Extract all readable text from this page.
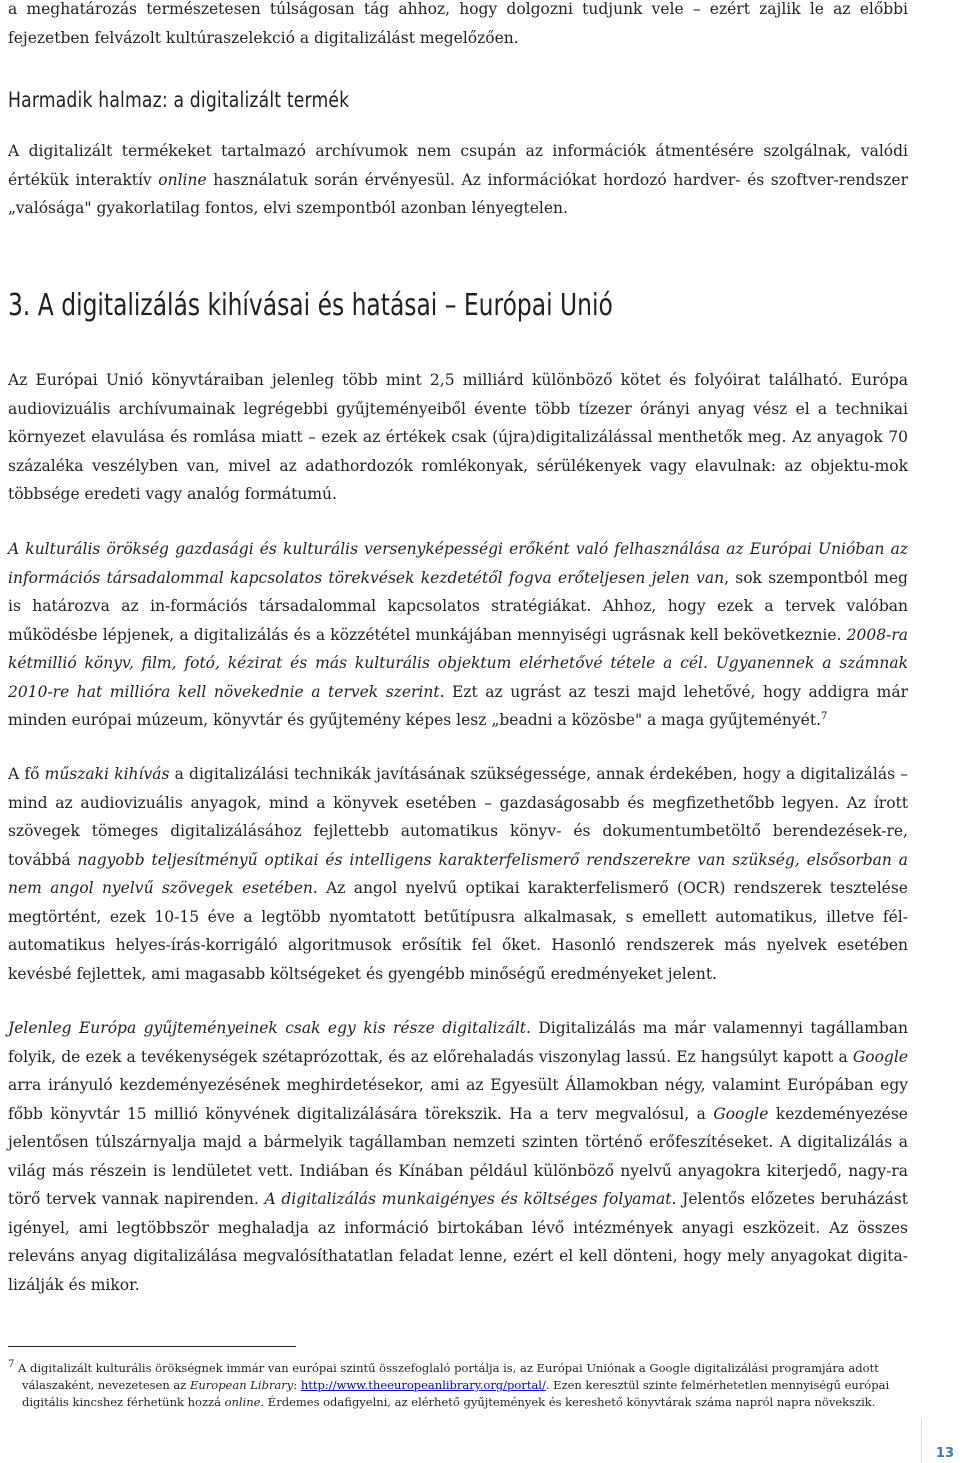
a meghatározás természetesen túlságosan tág ahhoz, hogy dolgozni tudjunk vele – ezért zajlik le az előbbi fejezetben felvázolt kultúraszelekció a digitalizálást megelőzően.

Harmadik halmaz: a digitalizált termék

A digitalizált termékeket tartalmazó archívumok nem csupán az információk átmentésére szolgálnak, valódi értékük interaktív online használatuk során érvényesül. Az információkat hordozó hardver- és szoftver-rendszer „valósága" gyakorlatilag fontos, elvi szempontból azonban lényegtelen.

3. A digitalizálás kihívásai és hatásai – Európai Unió

Az Európai Unió könyvtáraiban jelenleg több mint 2,5 milliárd különböző kötet és folyóirat található. Európa audiovizuális archívumainak legrégebbi gyűjteményeiből évente több tízezer órányi anyag vész el a technikai környezet elavulása és romlása miatt – ezek az értékek csak (újra)digitalizálással menthetők meg. Az anyagok 70 százaléka veszélyben van, mivel az adathordozók romlékonyak, sérülékenyek vagy elavulnak: az objektu-mok többsége eredeti vagy analóg formátumú.

A kulturális örökség gazdasági és kulturális versenyképességi erőként való felhasználása az Európai Unióban az információs társadalommal kapcsolatos törekvések kezdetétől fogva erőteljesen jelen van, sok szempontból meg is határozva az in-formációs társadalommal kapcsolatos stratégiákat. Ahhoz, hogy ezek a tervek valóban működésbe lépjenek, a digitalizálás és a közzététel munkájában mennyiségi ugrásnak kell bekövetkeznie. 2008-ra kétmillió könyv, film, fotó, kézirat és más kulturális objektum elérhetővé tétele a cél. Ugyanennek a számnak 2010-re hat millióra kell növekednie a tervek szerint. Ezt az ugrást az teszi majd lehetővé, hogy addigra már minden európai múzeum, könyvtár és gyűjtemény képes lesz „beadni a közösbe" a maga gyűjteményét.$^7$

A fő műszaki kihívás a digitalizálási technikák javításának szükségessége, annak érdekében, hogy a digitalizálás – mind az audiovizuális anyagok, mind a könyvek esetében – gazdaságosabb és megfizethetőbb legyen. Az írott szövegek tömeges digitalizálásához fejlettebb automatikus könyv- és dokumentumbetöltő berendezések-re, továbbá nagyobb teljesítményű optikai és intelligens karakterfelismerő rendszerekre van szükség, elsősorban a nem angol nyelvű szövegek esetében. Az angol nyelvű optikai karakterfelismerő (OCR) rendszerek tesztelése megtörtént, ezek 10-15 éve a legtöbb nyomtatott betűtípusra alkalmasak, s emellett automatikus, illetve fél-automatikus helyes-írás-korrigáló algoritmusok erősítik fel őket. Hasonló rendszerek más nyelvek esetében kevésbé fejlettek, ami magasabb költségeket és gyengébb minőségű eredményeket jelent.

Jelenleg Európa gyűjteményeinek csak egy kis része digitalizált. Digitalizálás ma már valamennyi tagállamban folyik, de ezek a tevékenységek szétaprózottak, és az előrehaladás viszonylag lassú. Ez hangsúlyt kapott a Google arra irányuló kezdeményezésének meghirdetésekor, ami az Egyesült Államokban négy, valamint Európában egy főbb könyvtár 15 millió könyvének digitalizálására törekszik. Ha a terv megvalósul, a Google kezdeményezése jelentősen túlszárnyalja majd a bármelyik tagállamban nemzeti szinten történő erőfeszítéseket. A digitalizálás a világ más részein is lendületet vett. Indiában és Kínában például különböző nyelvű anyagokra kiterjedő, nagy-ra törő tervek vannak napirenden. A digitalizálás munkaigényes és költséges folyamat. Jelentős előzetes beruházást igényel, ami legtöbbször meghaladja az információ birtokában lévő intézmények anyagi eszközeit. Az összes releváns anyag digitalizálása megvalósíthatatlan feladat lenne, ezért el kell dönteni, hogy mely anyagokat digita-lizálják és mikor.

$^7$ A digitalizált kulturális örökségnek immár van európai szintű összefoglaló portálja is, az Európai Uniónak a Google digitalizálási programjára adott
válaszaként, nevezetesen az European Library: http://www.theeuropeanlibrary.org/portal/. Ezen keresztül szinte felmérhetetlen mennyiségű európai
digitális kincshez férhetünk hozzá online. Érdemes odafigyelni, az elérhető gyűjtemények és kereshető könyvtárak száma napról napra növekszik.
13
